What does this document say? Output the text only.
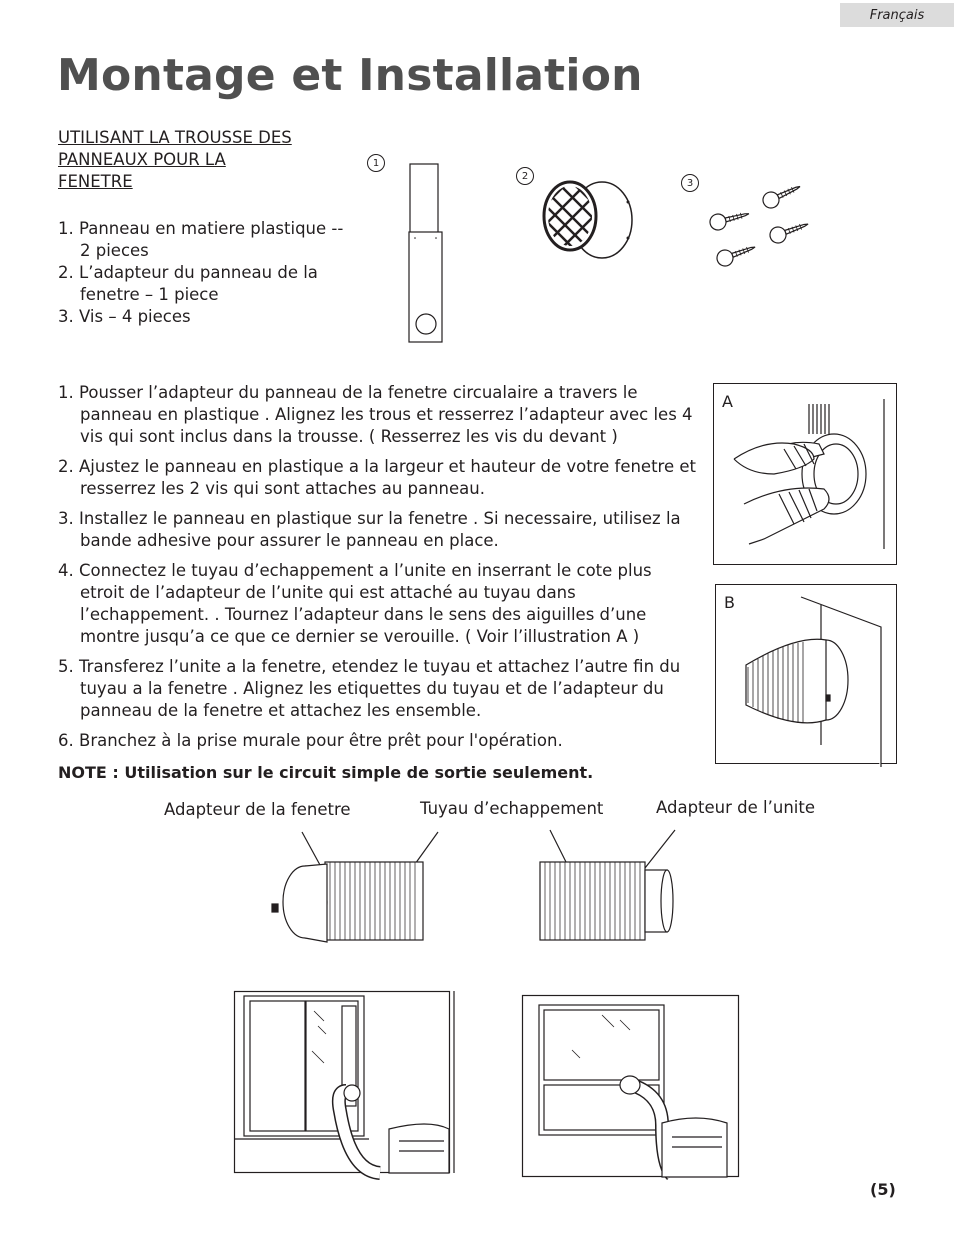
Français
Montage et Installation
UTILISANT LA TROUSSE DES
PANNEAUX POUR LA
FENETRE
1. Panneau en matiere plastique -- 2 pieces
2. L’adapteur du panneau de la fenetre – 1 piece
3. Vis – 4 pieces
1
2
3
1. Pousser l’adapteur du panneau de la fenetre circualaire a travers le panneau en plastique . Alignez les trous et resserrez l’adapteur avec les 4 vis qui sont inclus dans la trousse. ( Resserrez les vis du devant )
2. Ajustez le panneau en plastique a la largeur et hauteur de votre fenetre et resserrez les 2 vis qui sont attaches au panneau.
3. Installez le panneau en plastique sur la fenetre . Si necessaire, utilisez la bande adhesive pour assurer le panneau en place.
4. Connectez le tuyau d’echappement a l’unite en inserrant le cote plus etroit de l’adapteur de l’unite qui est attaché au tuyau dans l’echappement. . Tournez l’adapteur dans le sens des aiguilles d’une montre jusqu’a ce que ce dernier se verouille. ( Voir l’illustration A )
5. Transferez l’unite a la fenetre, etendez le tuyau et attachez l’autre fin du tuyau a la fenetre . Alignez les etiquettes du tuyau et de l’adapteur du panneau de la fenetre et attachez les ensemble.
6. Branchez à la prise murale pour être prêt pour l'opération.
NOTE : Utilisation sur le circuit simple de sortie seulement.
A
B
Adapteur de la fenetre	Tuyau d’echappement	Adapteur de l’unite
(5)
